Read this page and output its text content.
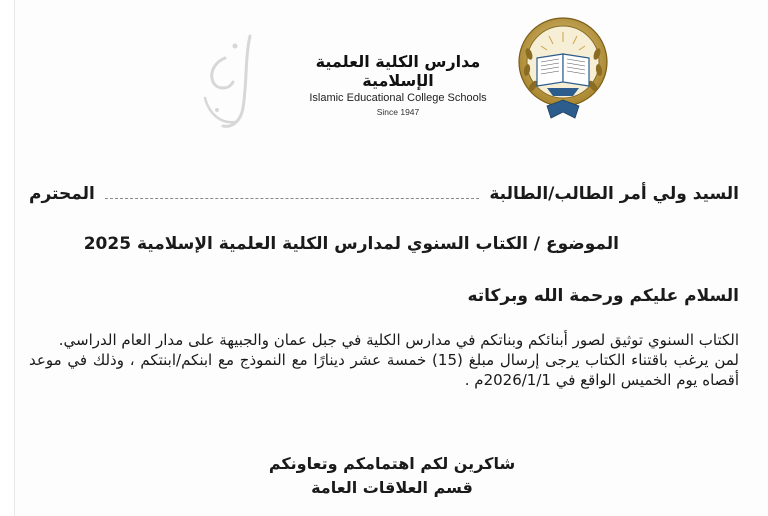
مدارس الكلية العلمية الإسلامية
Islamic Educational College Schools
Since 1947
السيد ولي أمر الطالب/الطالبة
المحترم
الموضوع / الكتاب السنوي لمدارس الكلية العلمية الإسلامية 2025
السلام عليكم ورحمة الله وبركاته

الكتاب السنوي توثيق لصور أبنائكم وبناتكم في مدارس الكلية في جبل عمان والجبيهة على مدار العام الدراسي.

لمن يرغب باقتناء الكتاب يرجى إرسال مبلغ (15) خمسة عشر دينارًا مع النموذج مع ابنكم/ابنتكم ، وذلك في موعد أقصاه يوم الخميس الواقع في 2026/1/1م .

شاكرين لكم اهتمامكم وتعاونكم
قسم العلاقات العامة
